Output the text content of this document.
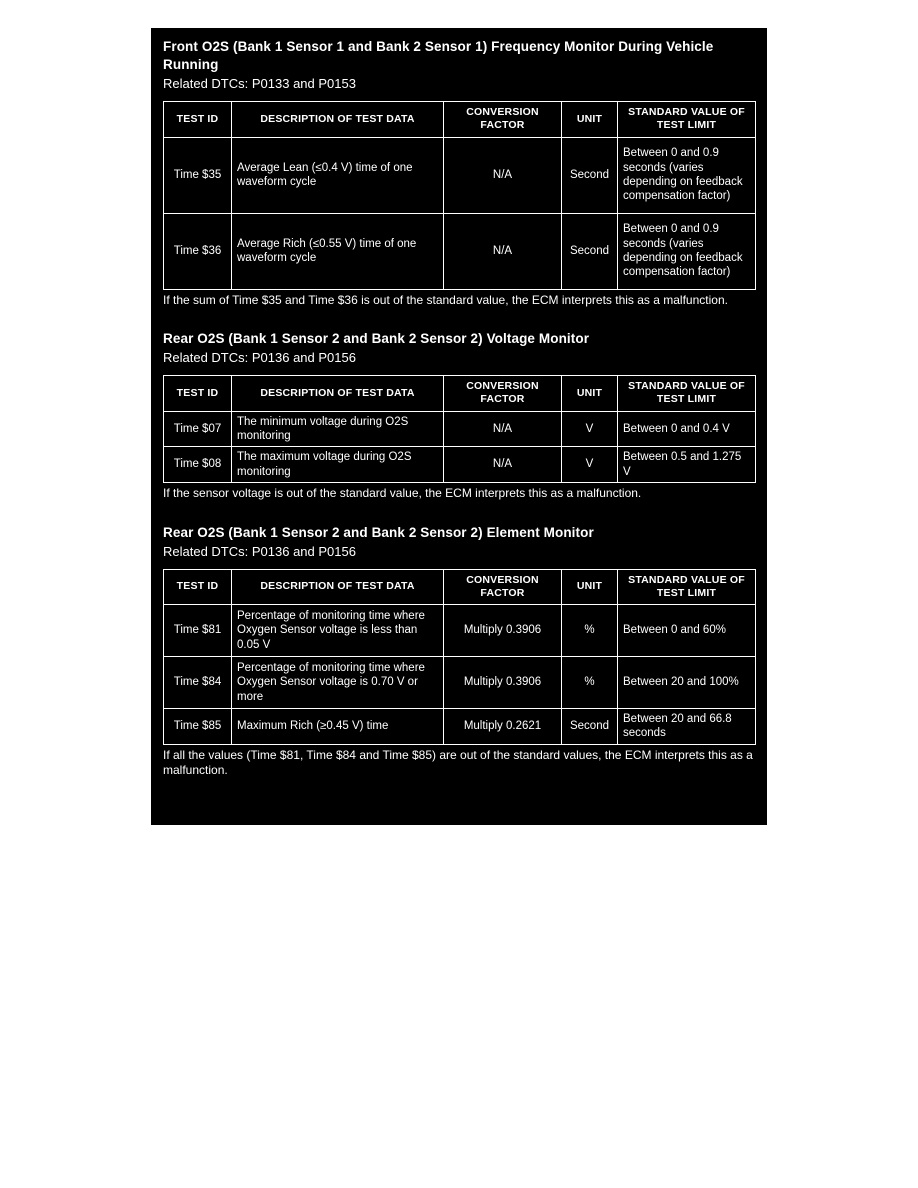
Front O2S (Bank 1 Sensor 1 and Bank 2 Sensor 1) Frequency Monitor During Vehicle Running
Related DTCs: P0133 and P0153
TEST ID	DESCRIPTION OF TEST DATA	CONVERSION FACTOR	UNIT	STANDARD VALUE OF TEST LIMIT
Time $35	Average Lean (≤0.4 V) time of one waveform cycle	N/A	Second	Between 0 and 0.9 seconds (varies depending on feedback compensation factor)
Time $36	Average Rich (≤0.55 V) time of one waveform cycle	N/A	Second	Between 0 and 0.9 seconds (varies depending on feedback compensation factor)

If the sum of Time $35 and Time $36 is out of the standard value, the ECM interprets this as a malfunction.

Rear O2S (Bank 1 Sensor 2 and Bank 2 Sensor 2) Voltage Monitor
Related DTCs: P0136 and P0156
TEST ID	DESCRIPTION OF TEST DATA	CONVERSION FACTOR	UNIT	STANDARD VALUE OF TEST LIMIT
Time $07	The minimum voltage during O2S monitoring	N/A	V	Between 0 and 0.4 V
Time $08	The maximum voltage during O2S monitoring	N/A	V	Between 0.5 and 1.275 V

If the sensor voltage is out of the standard value, the ECM interprets this as a malfunction.

Rear O2S (Bank 1 Sensor 2 and Bank 2 Sensor 2) Element Monitor
Related DTCs: P0136 and P0156
TEST ID	DESCRIPTION OF TEST DATA	CONVERSION FACTOR	UNIT	STANDARD VALUE OF TEST LIMIT
Time $81	Percentage of monitoring time where Oxygen Sensor voltage is less than 0.05 V	Multiply 0.3906	%	Between 0 and 60%
Time $84	Percentage of monitoring time where Oxygen Sensor voltage is 0.70 V or more	Multiply 0.3906	%	Between 20 and 100%
Time $85	Maximum Rich (≥0.45 V) time	Multiply 0.2621	Second	Between 20 and 66.8 seconds

If all the values (Time $81, Time $84 and Time $85) are out of the standard values, the ECM interprets this as a malfunction.
